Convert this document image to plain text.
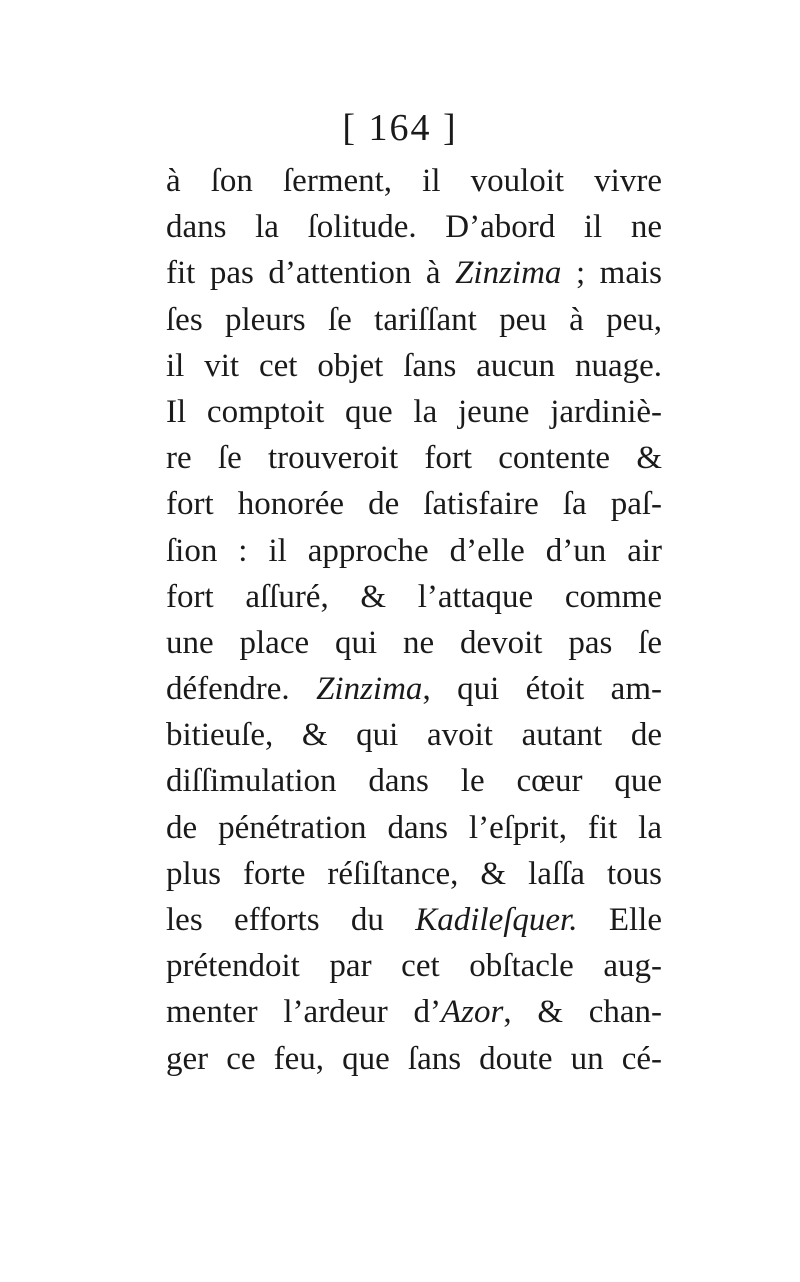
[ 164 ]
à ſon ſerment, il vouloit vivre
dans la ſolitude. D’abord il ne
fit pas d’attention à Zinzima ; mais
ſes pleurs ſe tariſſant peu à peu,
il vit cet objet ſans aucun nuage.
Il comptoit que la jeune jardiniè-
re ſe trouveroit fort contente &
fort honorée de ſatisfaire ſa paſ-
ſion : il approche d’elle d’un air
fort aſſuré, & l’attaque comme
une place qui ne devoit pas ſe
défendre. Zinzima, qui étoit am-
bitieuſe, & qui avoit autant de
diſſimulation dans le cœur que
de pénétration dans l’eſprit, fit la
plus forte réſiſtance, & laſſa tous
les efforts du Kadileſquer. Elle
prétendoit par cet obſtacle aug-
menter l’ardeur d’Azor, & chan-
ger ce feu, que ſans doute un cé-
